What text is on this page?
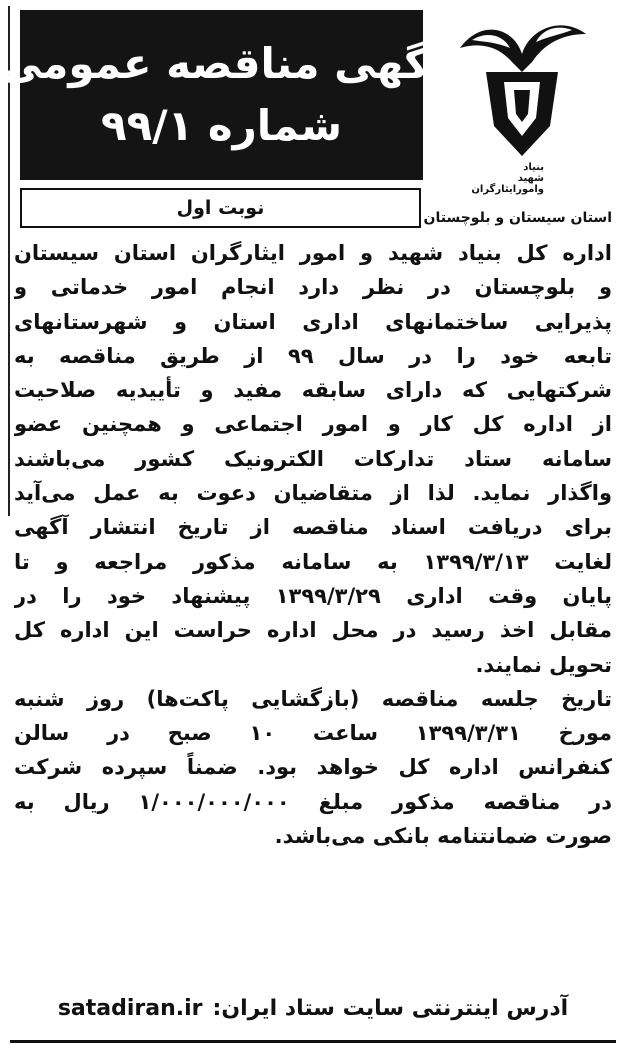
بنیاد
شهید
وامورایثارگران
استان سیستان و بلوچستان
آگهی مناقصه عمومی
شماره ۹۹/۱
نوبت اول
اداره کل بنیاد شهید و امور ایثارگران استان سیستان
و بلوچستان در نظر دارد انجام امور خدماتی و
پذیرایی ساختمانهای اداری استان و شهرستانهای
تابعه خود را در سال ۹۹ از طریق مناقصه به
شرکتهایی که دارای سابقه مفید و تأییدیه صلاحیت
از اداره کل کار و امور اجتماعی و همچنین عضو
سامانه ستاد تدارکات الکترونیک کشور می‌باشند
واگذار نماید. لذا از متقاضیان دعوت به عمل می‌آید
برای دریافت اسناد مناقصه از تاریخ انتشار آگهی
لغایت ۱۳۹۹/۳/۱۳ به سامانه مذکور مراجعه و تا
پایان وقت اداری ۱۳۹۹/۳/۲۹ پیشنهاد خود را در
مقابل اخذ رسید در محل اداره حراست این اداره کل
تحویل نمایند.
تاریخ جلسه مناقصه (بازگشایی پاکت‌ها) روز شنبه
مورخ ۱۳۹۹/۳/۳۱ ساعت ۱۰ صبح در سالن
کنفرانس اداره کل خواهد بود. ضمناً سپرده شرکت
در مناقصه مذکور مبلغ ۱/۰۰۰/۰۰۰/۰۰۰ ریال به
صورت ضمانتنامه بانکی می‌باشد.
آدرس اینترنتی سایت ستاد ایران:
satadiran.ir
